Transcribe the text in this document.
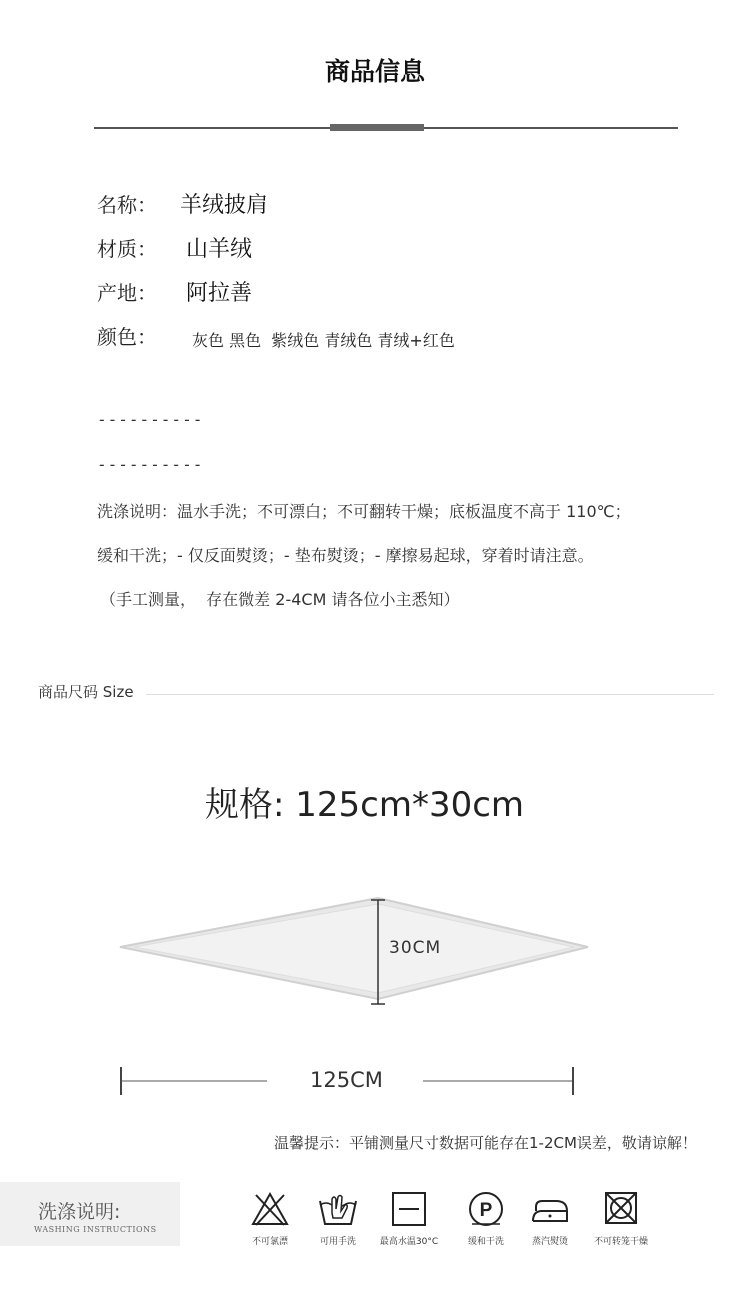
商品信息
名称： 羊绒披肩
材质： 山羊绒
产地： 阿拉善
颜色： 灰色 黑色  紫绒色 青绒色 青绒+红色
----------
----------
洗涤说明：温水手洗；不可漂白；不可翻转干燥；底板温度不高于 110℃；
缓和干洗；- 仅反面熨烫；- 垫布熨烫；- 摩擦易起球，穿着时请注意。
（手工测量，  存在微差 2-4CM 请各位小主悉知）
商品尺码 Size
规格: 125cm*30cm
30CM
125CM
温馨提示：平铺测量尺寸数据可能存在1-2CM误差，敬请谅解！
洗涤说明:
WASHING INSTRUCTIONS
不可氯漂	可用手洗	最高水温30°C
P
缓和干洗	蒸汽熨烫	不可转笼干燥
